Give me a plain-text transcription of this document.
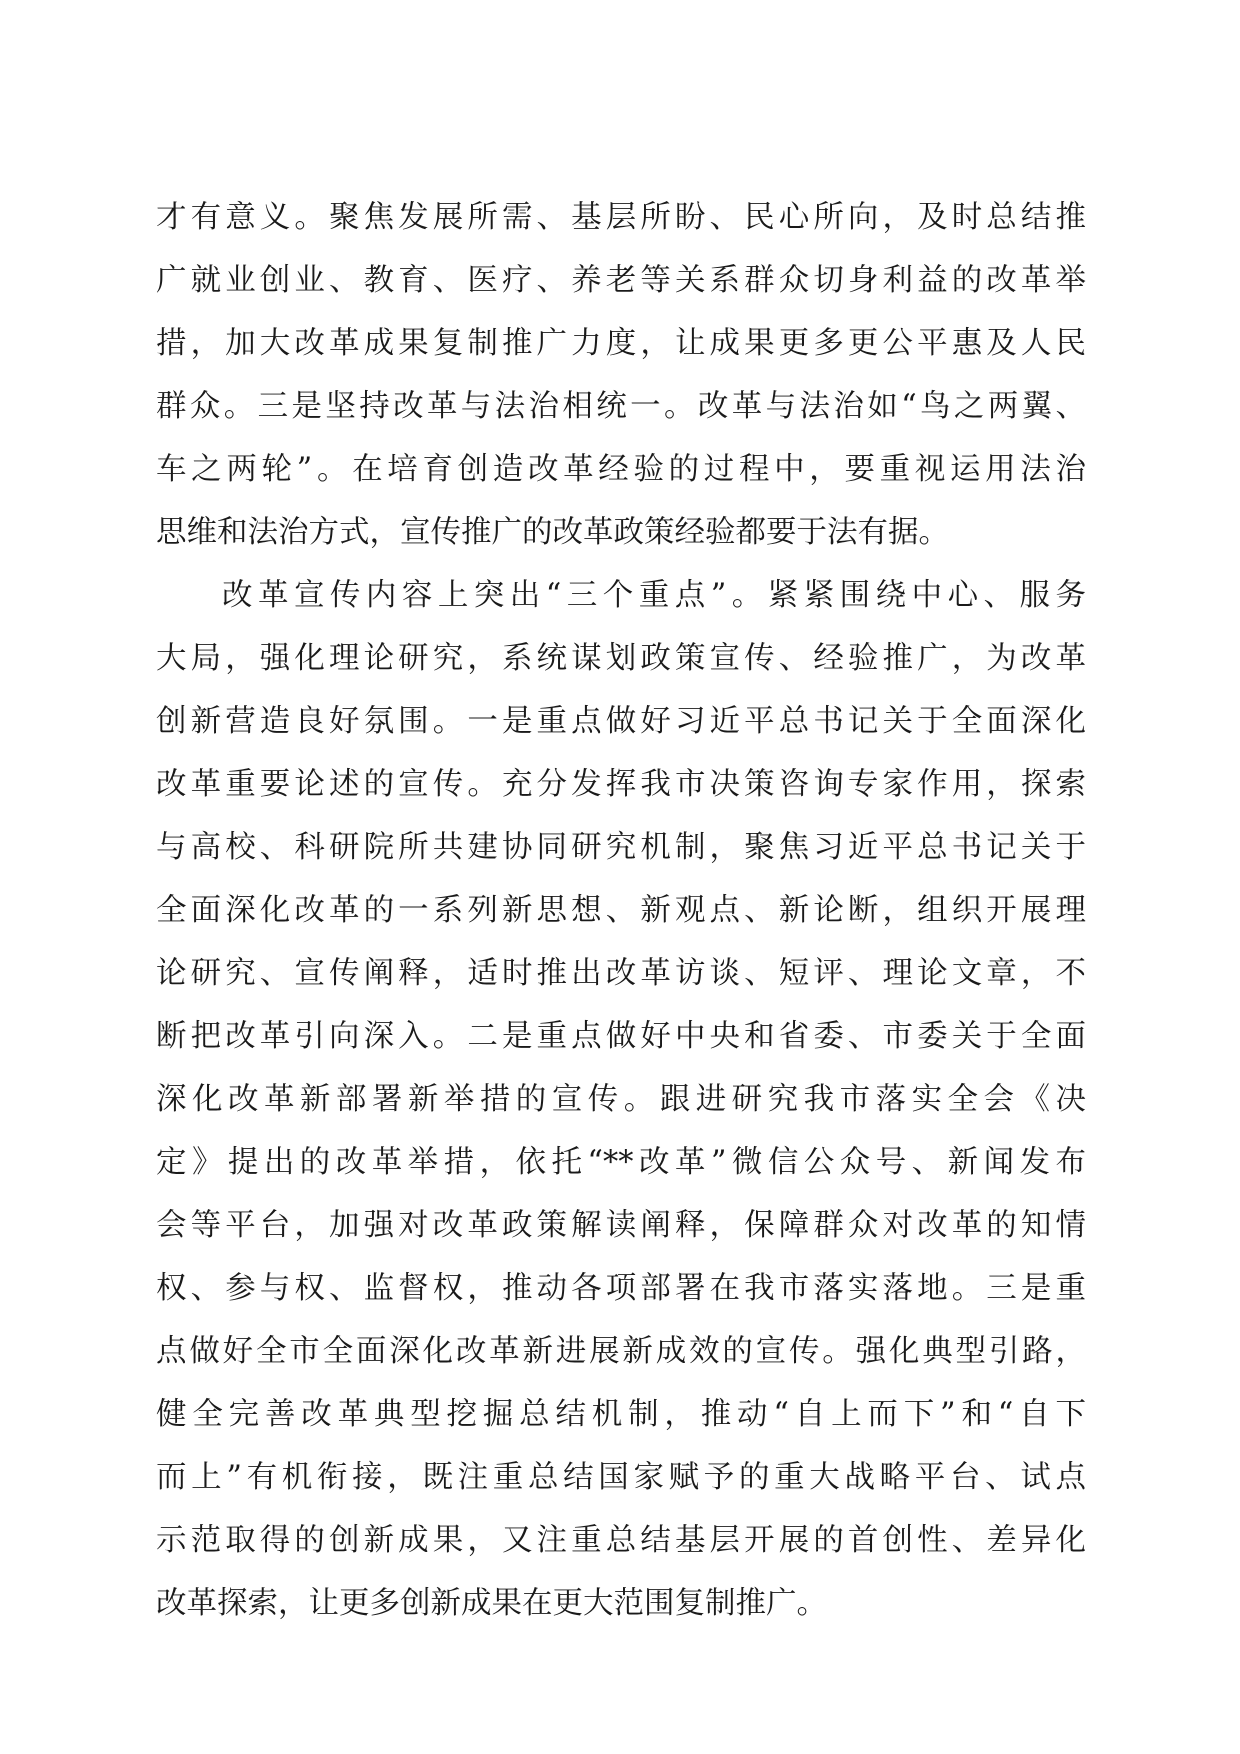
才有意义。聚焦发展所需、基层所盼、民心所向，及时总结推
广就业创业、教育、医疗、养老等关系群众切身利益的改革举
措，加大改革成果复制推广力度，让成果更多更公平惠及人民
群众。三是坚持改革与法治相统一。改革与法治如“鸟之两翼、
车之两轮”。在培育创造改革经验的过程中，要重视运用法治
思维和法治方式，宣传推广的改革政策经验都要于法有据。
改革宣传内容上突出“三个重点”。紧紧围绕中心、服务
大局，强化理论研究，系统谋划政策宣传、经验推广，为改革
创新营造良好氛围。一是重点做好习近平总书记关于全面深化
改革重要论述的宣传。充分发挥我市决策咨询专家作用，探索
与高校、科研院所共建协同研究机制，聚焦习近平总书记关于
全面深化改革的一系列新思想、新观点、新论断，组织开展理
论研究、宣传阐释，适时推出改革访谈、短评、理论文章，不
断把改革引向深入。二是重点做好中央和省委、市委关于全面
深化改革新部署新举措的宣传。跟进研究我市落实全会《决
定》提出的改革举措，依托“**改革”微信公众号、新闻发布
会等平台，加强对改革政策解读阐释，保障群众对改革的知情
权、参与权、监督权，推动各项部署在我市落实落地。三是重
点做好全市全面深化改革新进展新成效的宣传。强化典型引路，
健全完善改革典型挖掘总结机制，推动“自上而下”和“自下
而上”有机衔接，既注重总结国家赋予的重大战略平台、试点
示范取得的创新成果，又注重总结基层开展的首创性、差异化
改革探索，让更多创新成果在更大范围复制推广。
